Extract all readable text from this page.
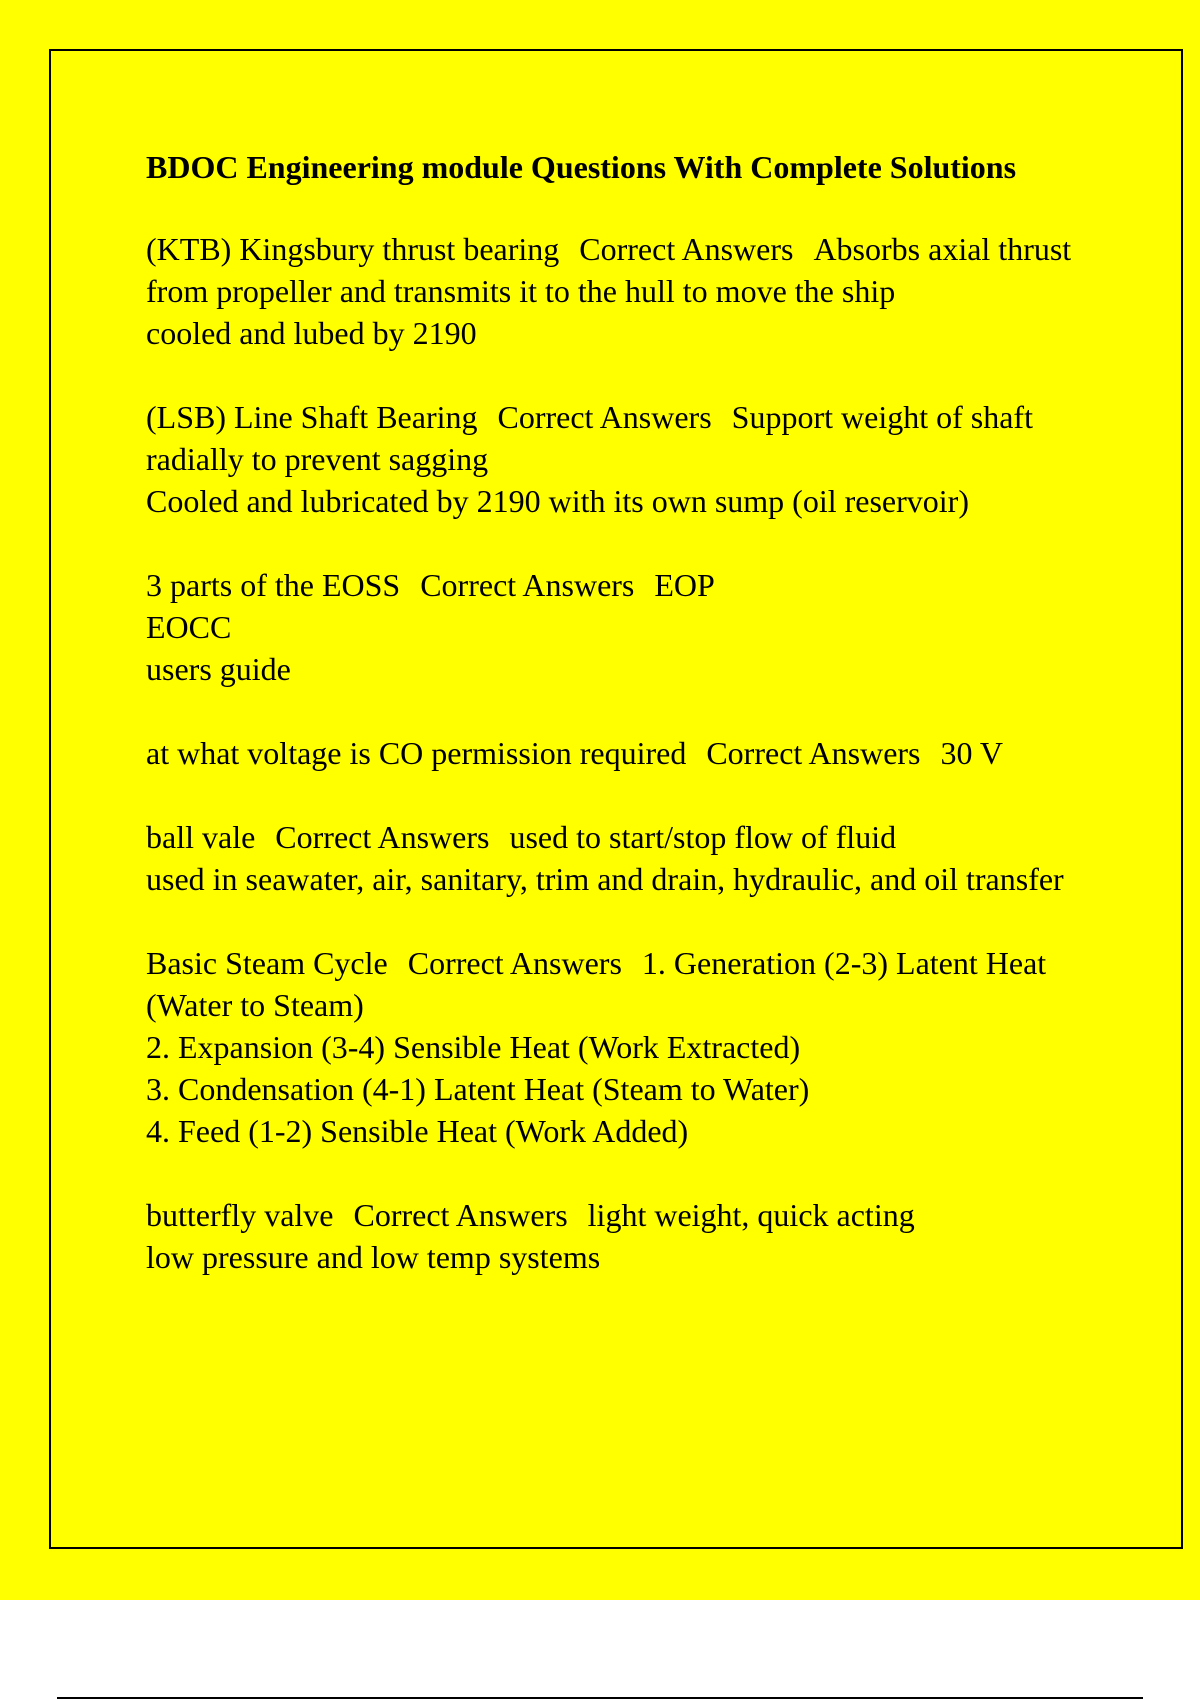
BDOC Engineering module Questions With Complete Solutions
(KTB) Kingsbury thrust bearing Correct Answers Absorbs axial thrust from propeller and transmits it to the hull to move the ship
cooled and lubed by 2190
(LSB) Line Shaft Bearing Correct Answers Support weight of shaft radially to prevent sagging
Cooled and lubricated by 2190 with its own sump (oil reservoir)
3 parts of the EOSS Correct Answers EOP
EOCC
users guide
at what voltage is CO permission required Correct Answers 30 V
ball vale Correct Answers used to start/stop flow of fluid
used in seawater, air, sanitary, trim and drain, hydraulic, and oil transfer
Basic Steam Cycle Correct Answers 1. Generation (2-3) Latent Heat (Water to Steam)
2. Expansion (3-4) Sensible Heat (Work Extracted)
3. Condensation (4-1) Latent Heat (Steam to Water)
4. Feed (1-2) Sensible Heat (Work Added)
butterfly valve Correct Answers light weight, quick acting
low pressure and low temp systems
